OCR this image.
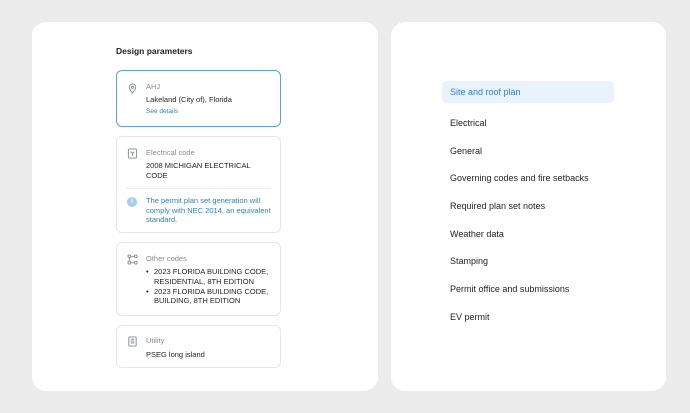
Design parameters
AHJ
Lakeland (City of), Florida
See details
Electrical code
2008 MICHIGAN ELECTRICAL CODE
i	The permit plan set generation will comply with NEC 2014, an equivalent standard.
Other codes
• 2023 FLORIDA BUILDING CODE, RESIDENTIAL, 8TH EDITION
• 2023 FLORIDA BUILDING CODE, BUILDING, 8TH EDITION
Utility
PSEG long island
Site and roof plan
Electrical
General
Governing codes and fire setbacks
Required plan set notes
Weather data
Stamping
Permit office and submissions
EV permit
